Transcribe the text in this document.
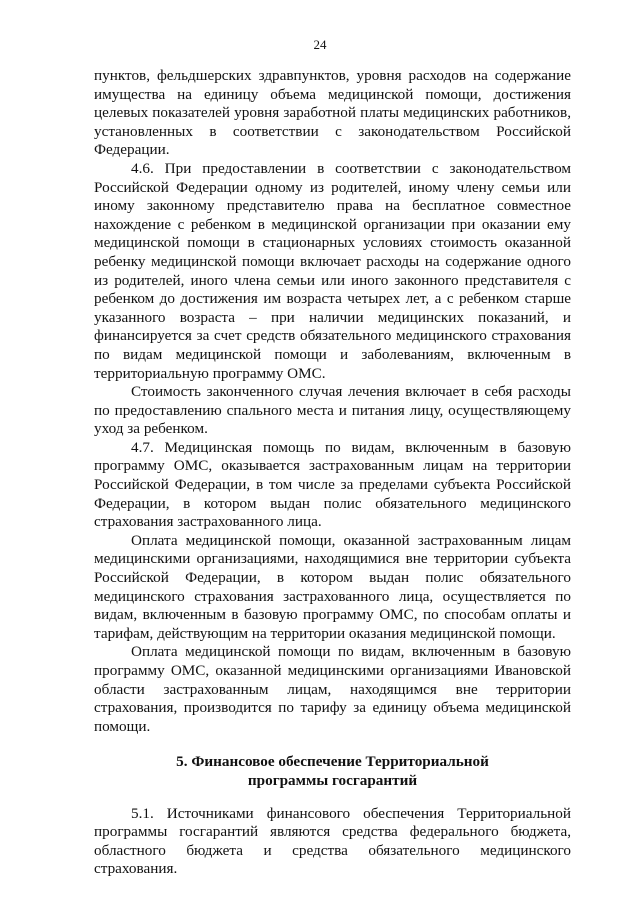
24

пунктов, фельдшерских здравпунктов, уровня расходов на содержание имущества на единицу объема медицинской помощи, достижения целевых показателей уровня заработной платы медицинских работников, установленных в соответствии с законодательством Российской Федерации.

4.6. При предоставлении в соответствии с законодательством Российской Федерации одному из родителей, иному члену семьи или иному законному представителю права на бесплатное совместное нахождение с ребенком в медицинской организации при оказании ему медицинской помощи в стационарных условиях стоимость оказанной ребенку медицинской помощи включает расходы на содержание одного из родителей, иного члена семьи или иного законного представителя с ребенком до достижения им возраста четырех лет, а с ребенком старше указанного возраста – при наличии медицинских показаний, и финансируется за счет средств обязательного медицинского страхования по видам медицинской помощи и заболеваниям, включенным в территориальную программу ОМС.

Стоимость законченного случая лечения включает в себя расходы по предоставлению спального места и питания лицу, осуществляющему уход за ребенком.

4.7. Медицинская помощь по видам, включенным в базовую программу ОМС, оказывается застрахованным лицам на территории Российской Федерации, в том числе за пределами субъекта Российской Федерации, в котором выдан полис обязательного медицинского страхования застрахованного лица.

Оплата медицинской помощи, оказанной застрахованным лицам медицинскими организациями, находящимися вне территории субъекта Российской Федерации, в котором выдан полис обязательного медицинского страхования застрахованного лица, осуществляется по видам, включенным в базовую программу ОМС, по способам оплаты и тарифам, действующим на территории оказания медицинской помощи.

Оплата медицинской помощи по видам, включенным в базовую программу ОМС, оказанной медицинскими организациями Ивановской области застрахованным лицам, находящимся вне территории страхования, производится по тарифу за единицу объема медицинской помощи.

5. Финансовое обеспечение Территориальной
программы госгарантий

5.1. Источниками финансового обеспечения Территориальной программы госгарантий являются средства федерального бюджета, областного бюджета и средства обязательного медицинского страхования.
